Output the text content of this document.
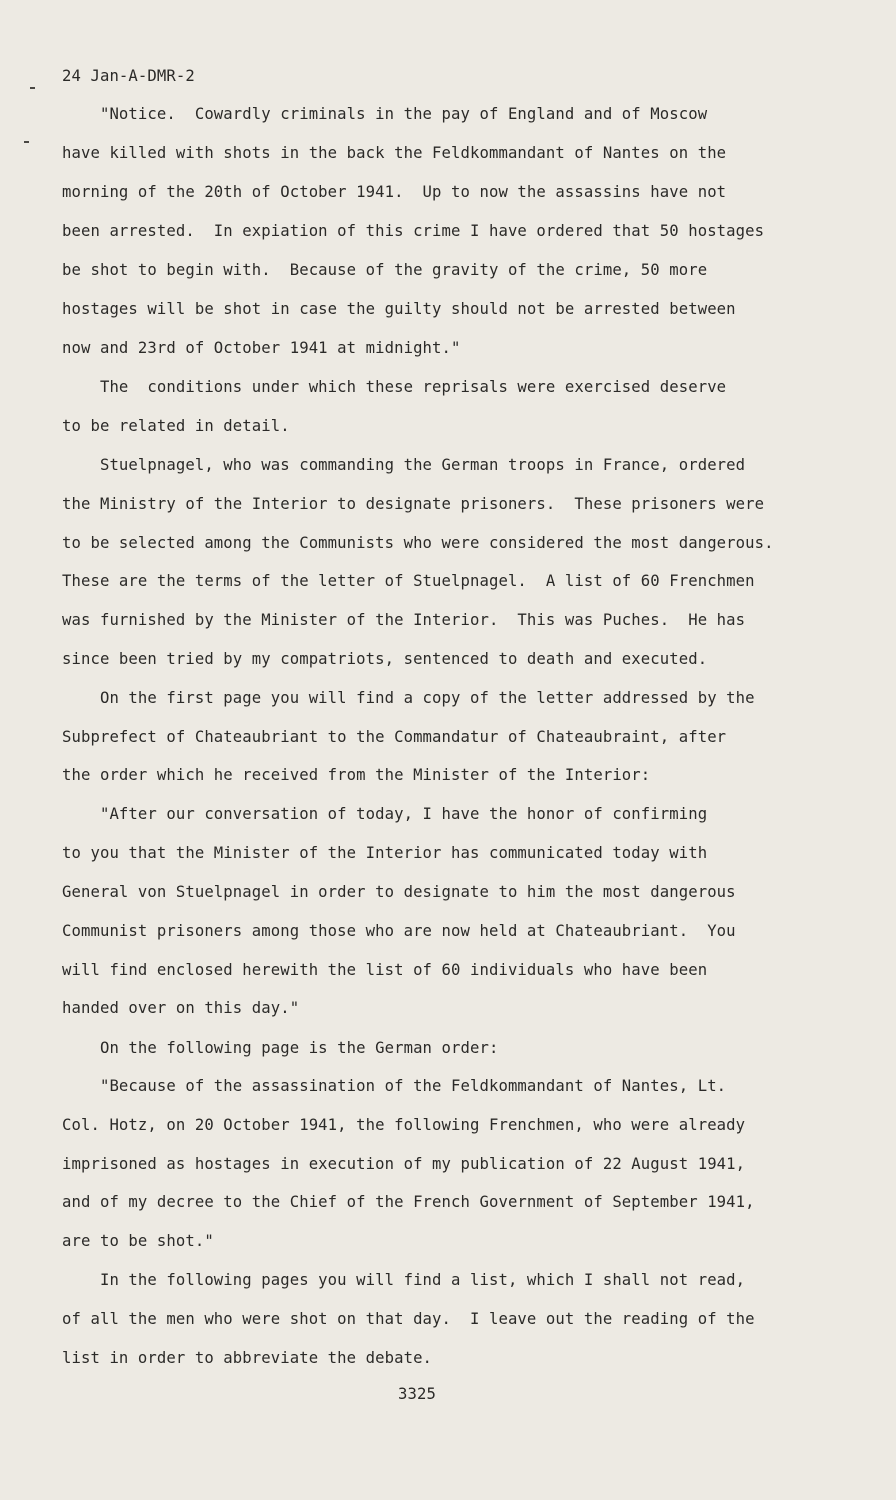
24 Jan-A-DMR-2
"Notice.  Cowardly criminals in the pay of England and of Moscow
have killed with shots in the back the Feldkommandant of Nantes on the
morning of the 20th of October 1941.  Up to now the assassins have not
been arrested.  In expiation of this crime I have ordered that 50 hostages
be shot to begin with.  Because of the gravity of the crime, 50 more
hostages will be shot in case the guilty should not be arrested between
now and 23rd of October 1941 at midnight."
The  conditions under which these reprisals were exercised deserve
to be related in detail.
Stuelpnagel, who was commanding the German troops in France, ordered
the Ministry of the Interior to designate prisoners.  These prisoners were
to be selected among the Communists who were considered the most dangerous.
These are the terms of the letter of Stuelpnagel.  A list of 60 Frenchmen
was furnished by the Minister of the Interior.  This was Puches.  He has
since been tried by my compatriots, sentenced to death and executed.
On the first page you will find a copy of the letter addressed by the
Subprefect of Chateaubriant to the Commandatur of Chateaubraint, after
the order which he received from the Minister of the Interior:
"After our conversation of today, I have the honor of confirming
to you that the Minister of the Interior has communicated today with
General von Stuelpnagel in order to designate to him the most dangerous
Communist prisoners among those who are now held at Chateaubriant.  You
will find enclosed herewith the list of 60 individuals who have been
handed over on this day."
On the following page is the German order:
"Because of the assassination of the Feldkommandant of Nantes, Lt.
Col. Hotz, on 20 October 1941, the following Frenchmen, who were already
imprisoned as hostages in execution of my publication of 22 August 1941,
and of my decree to the Chief of the French Government of September 1941,
are to be shot."
In the following pages you will find a list, which I shall not read,
of all the men who were shot on that day.  I leave out the reading of the
list in order to abbreviate the debate.
3325
